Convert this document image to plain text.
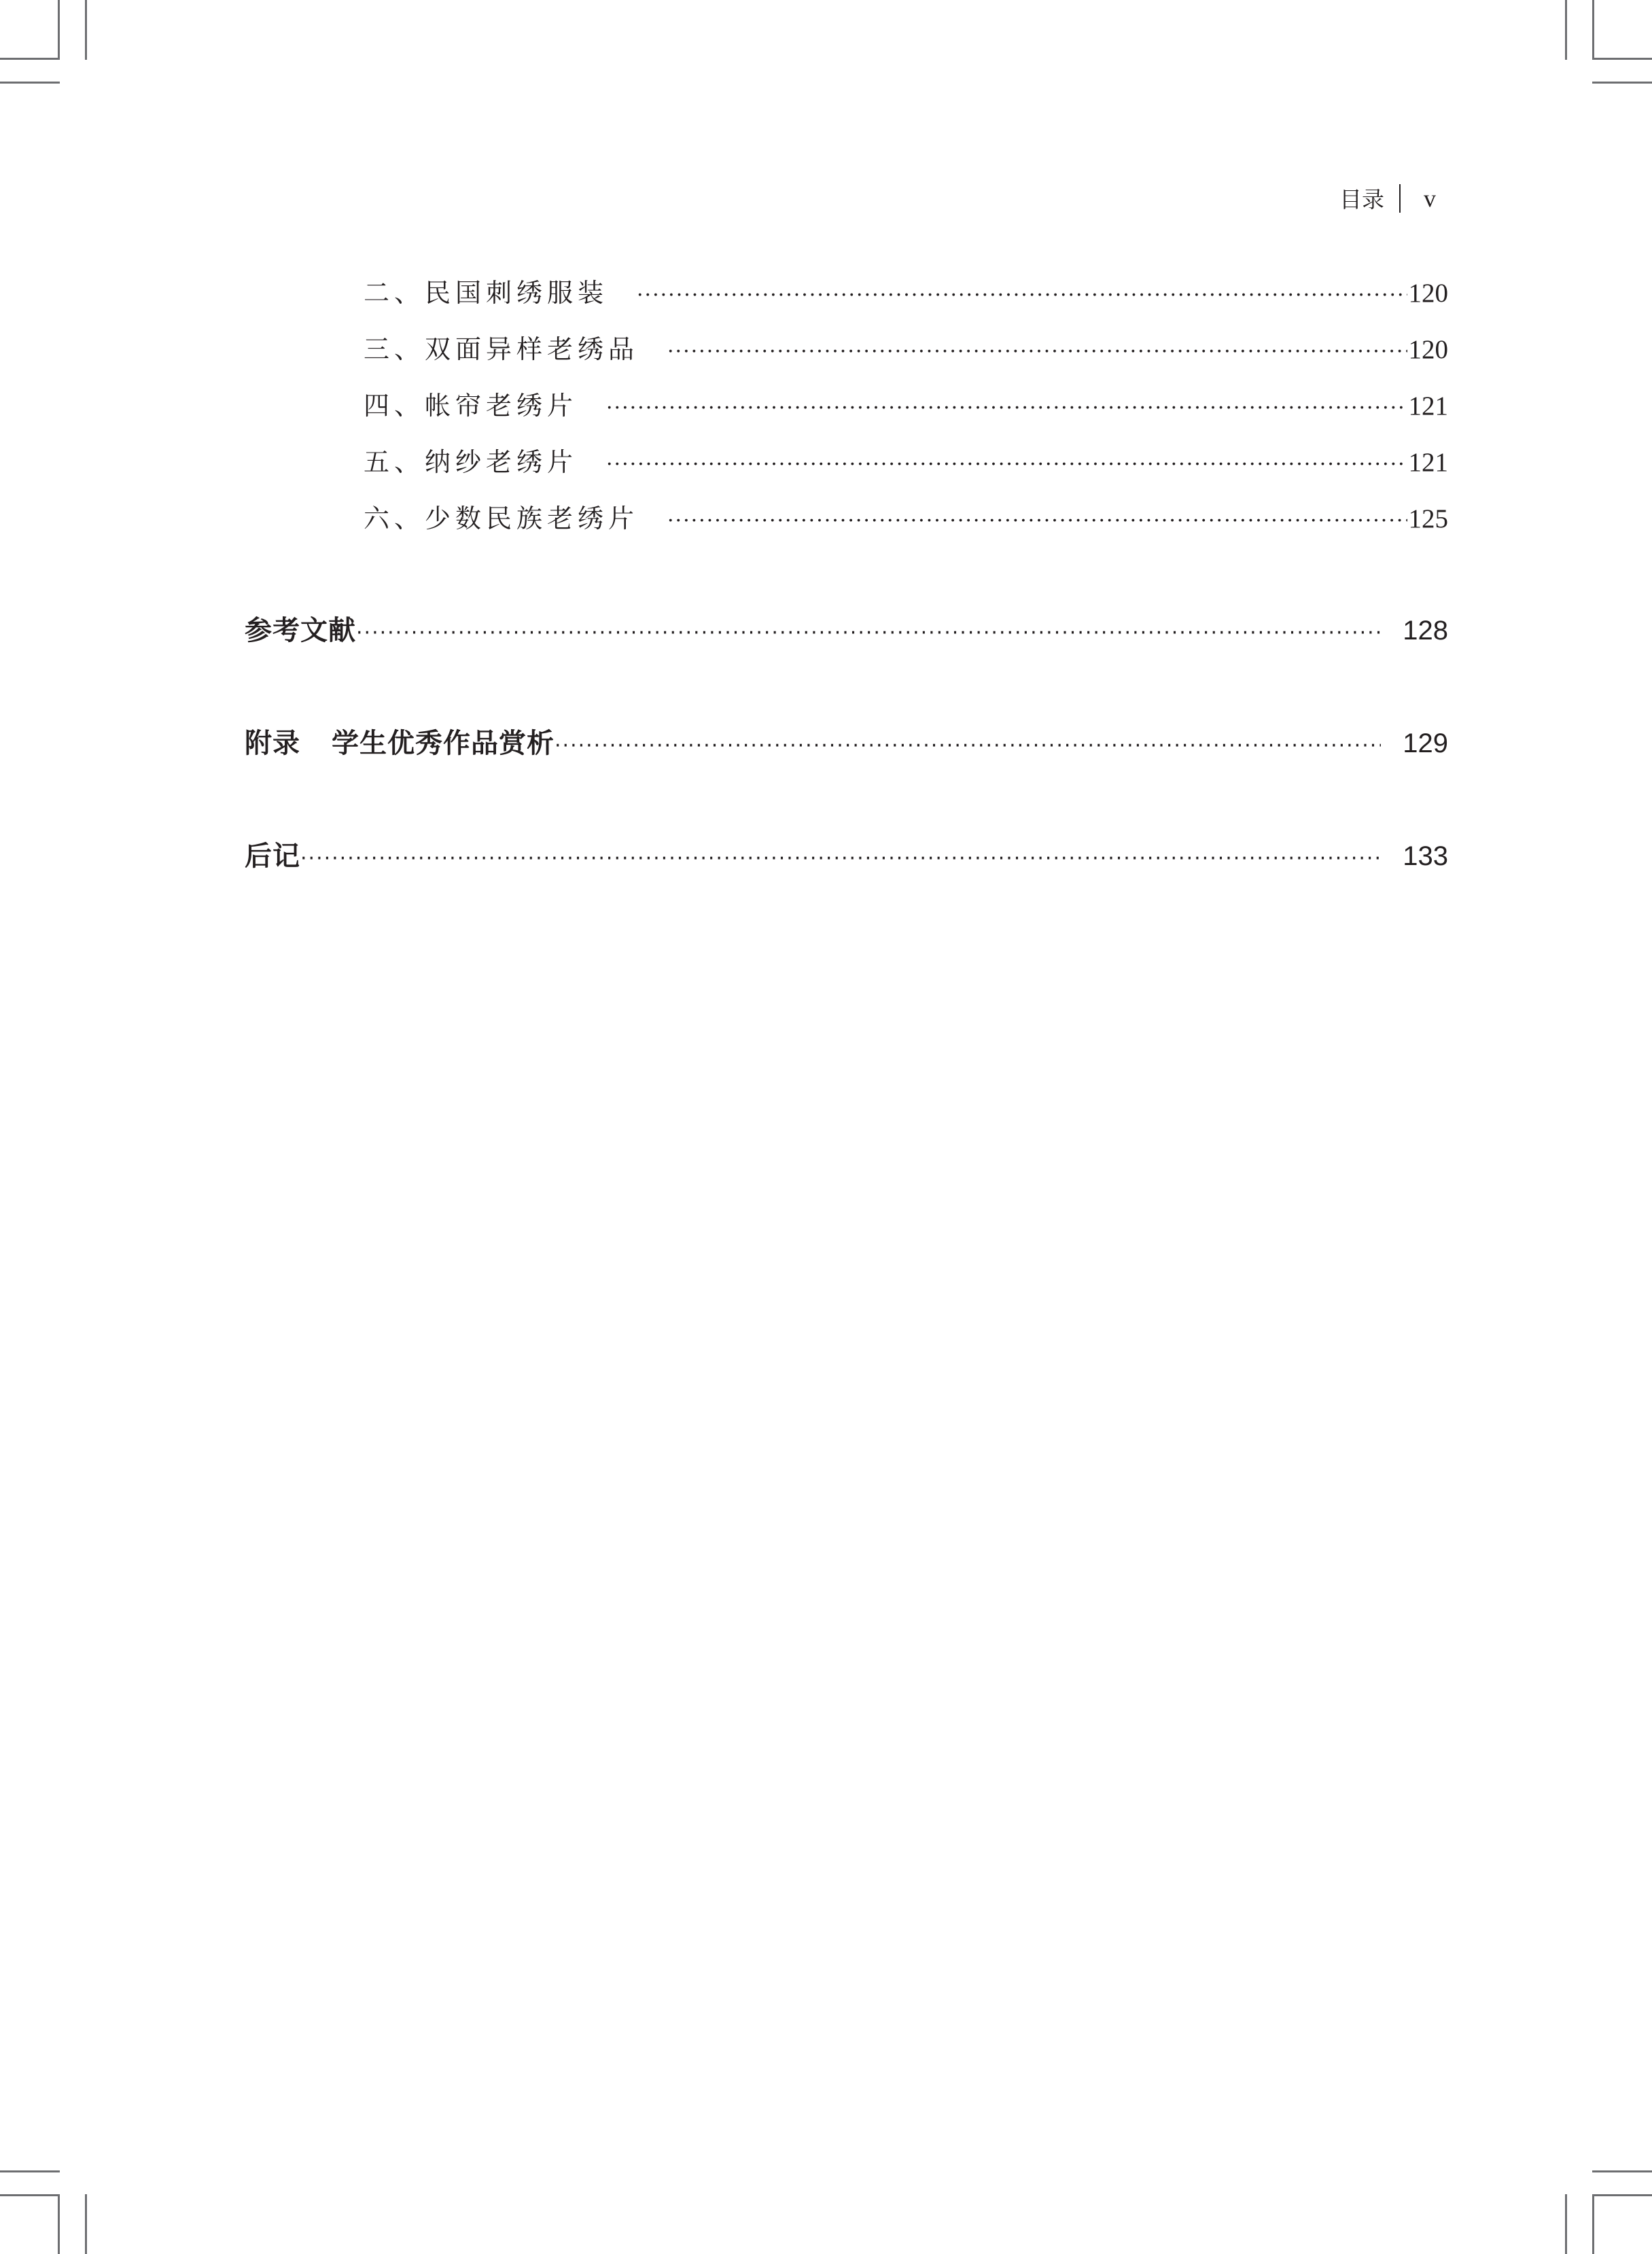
目录 v
二、民国刺绣服装 ·····	120
三、双面异样老绣品 ·····	120
四、帐帘老绣片 ·····	121
五、纳纱老绣片 ·····	121
六、少数民族老绣片 ·····	125
参考文献 ·····	128
附录 学生优秀作品赏析 ·····	129
后记 ·····	133
